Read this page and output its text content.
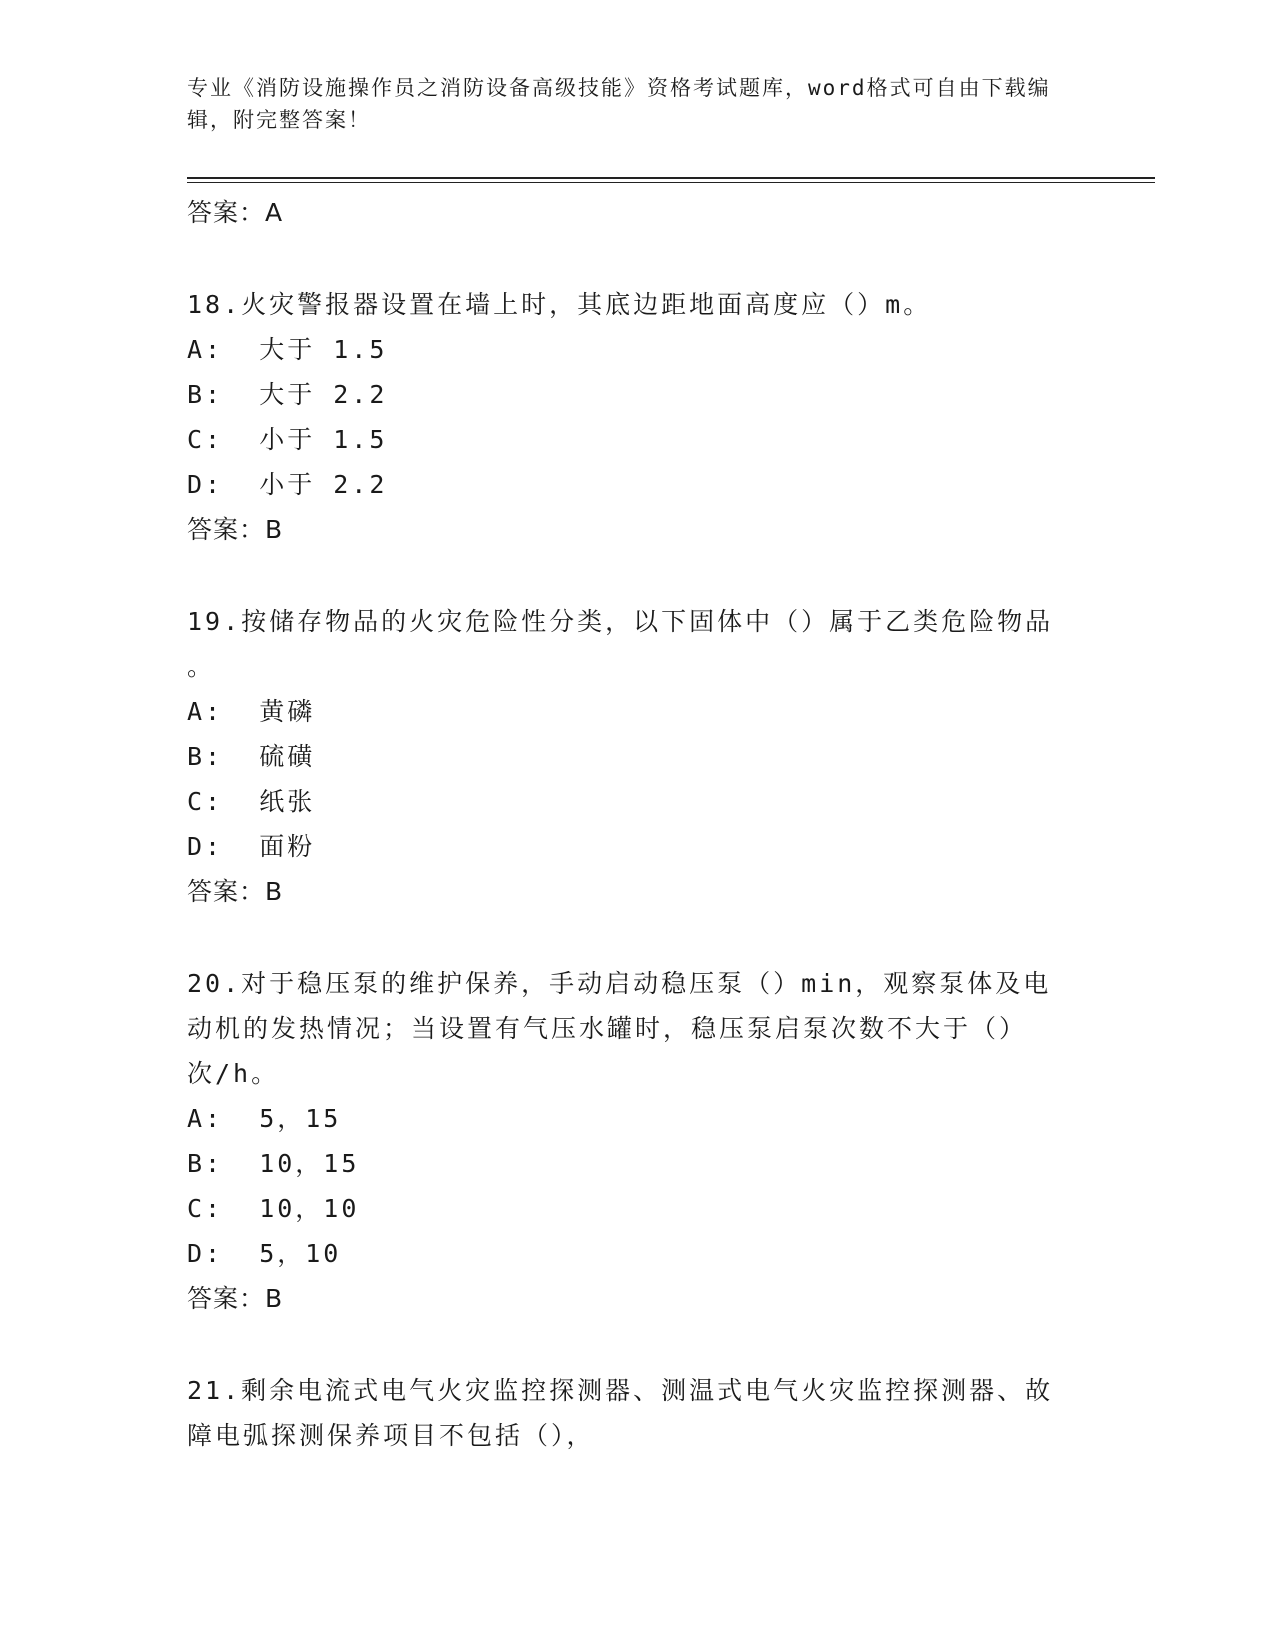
专业《消防设施操作员之消防设备高级技能》资格考试题库，word格式可自由下载编辑，附完整答案！
答案：A
18.火灾警报器设置在墙上时，其底边距地面高度应（）m。
A:  大于 1.5
B:  大于 2.2
C:  小于 1.5
D:  小于 2.2
答案：B
19.按储存物品的火灾危险性分类，以下固体中（）属于乙类危险物品
。
A:  黄磷
B:  硫磺
C:  纸张
D:  面粉
答案：B
20.对于稳压泵的维护保养，手动启动稳压泵（）min，观察泵体及电
动机的发热情况；当设置有气压水罐时，稳压泵启泵次数不大于（）
次/h。
A:  5，15
B:  10，15
C:  10，10
D:  5，10
答案：B
21.剩余电流式电气火灾监控探测器、测温式电气火灾监控探测器、故
障电弧探测保养项目不包括（），
